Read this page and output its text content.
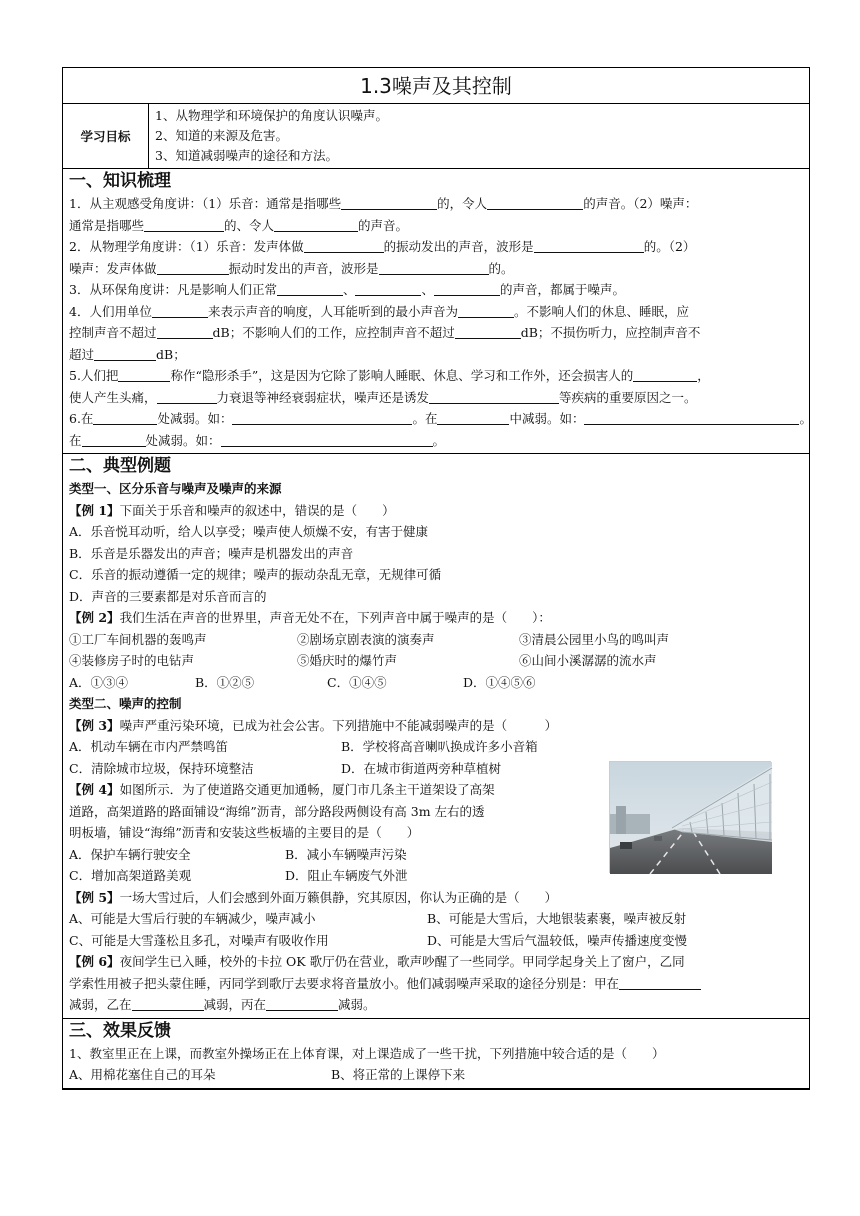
1.3噪声及其控制
学习目标
1、从物理学和环境保护的角度认识噪声。
2、知道的来源及危害。
3、知道减弱噪声的途径和方法。
一、知识梳理
1．从主观感受角度讲：（1）乐音：通常是指哪些	的，令人	的声音。（2）噪声：
通常是指哪些	的、令人	的声音。
2．从物理学角度讲：（1）乐音：发声体做	的振动发出的声音，波形是	的。（2）
噪声：发声体做	振动时发出的声音，波形是	的。
3．从环保角度讲：凡是影响人们正常	、	、	的声音，都属于噪声。
4．人们用单位	来表示声音的响度，人耳能听到的最小声音为	。不影响人们的休息、睡眠，应
控制声音不超过	dB；不影响人们的工作，应控制声音不超过	dB；不损伤听力，应控制声音不
超过	dB；
5.人们把	称作“隐形杀手”，这是因为它除了影响人睡眠、休息、学习和工作外，还会损害人的	，
使人产生头痛，	力衰退等神经衰弱症状，噪声还是诱发	等疾病的重要原因之一。
6.在	处减弱。如：	。在	中减弱。如：	。
在	处减弱。如：	。
二、典型例题
类型一、区分乐音与噪声及噪声的来源
【例 1】下面关于乐音和噪声的叙述中，错误的是（　　）
A．乐音悦耳动听，给人以享受；噪声使人烦燥不安，有害于健康
B．乐音是乐器发出的声音；噪声是机器发出的声音
C．乐音的振动遵循一定的规律；噪声的振动杂乱无章，无规律可循
D．声音的三要素都是对乐音而言的
【例 2】我们生活在声音的世界里，声音无处不在，下列声音中属于噪声的是（　　）：
①工厂车间机器的轰鸣声	②剧场京剧表演的演奏声	③清晨公园里小鸟的鸣叫声
④装修房子时的电钻声	⑤婚庆时的爆竹声	⑥山间小溪潺潺的流水声
A．①③④	B．①②⑤	C．①④⑤	D．①④⑤⑥
类型二、噪声的控制
【例 3】噪声严重污染环境，已成为社会公害。下列措施中不能减弱噪声的是（　　　）
A．机动车辆在市内严禁鸣笛	B．学校将高音喇叭换成许多小音箱
C．清除城市垃圾，保持环境整洁	D．在城市街道两旁种草植树
【例 4】如图所示．为了使道路交通更加通畅，厦门市几条主干道架设了高架
道路，高架道路的路面铺设“海绵”沥青，部分路段两侧设有高 3m 左右的透
明板墙，铺设“海绵”沥青和安装这些板墙的主要目的是（　　）
A．保护车辆行驶安全	B．减小车辆噪声污染
C．增加高架道路美观	D．阻止车辆废气外泄
【例 5】一场大雪过后，人们会感到外面万籁俱静，究其原因，你认为正确的是（　　）
A、可能是大雪后行驶的车辆减少，噪声减小	B、可能是大雪后，大地银装素裹，噪声被反射
C、可能是大雪蓬松且多孔，对噪声有吸收作用	D、可能是大雪后气温较低，噪声传播速度变慢
【例 6】夜间学生已入睡，校外的卡拉 OK 歌厅仍在营业，歌声吵醒了一些同学。甲同学起身关上了窗户，乙同
学索性用被子把头蒙住睡，丙同学到歌厅去要求将音量放小。他们减弱噪声采取的途径分别是：甲在
减弱，乙在	减弱，丙在	减弱。
三、效果反馈
1、教室里正在上课，而教室外操场正在上体育课，对上课造成了一些干扰，下列措施中较合适的是（　　）
A、用棉花塞住自己的耳朵	B、将正常的上课停下来
